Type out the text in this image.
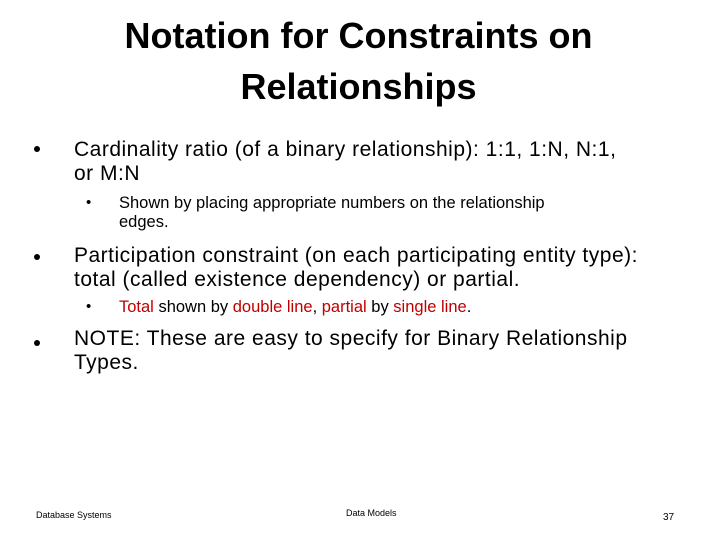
Notation for Constraints on
Relationships
Cardinality ratio (of a binary relationship): 1:1, 1:N, N:1,
or M:N
• Shown by placing appropriate numbers on the relationship
edges.
Participation constraint (on each participating entity type):
total (called existence dependency) or partial.
• Total shown by double line, partial by single line.
NOTE: These are easy to specify for Binary Relationship
Types.
Database Systems	Data Models	37
